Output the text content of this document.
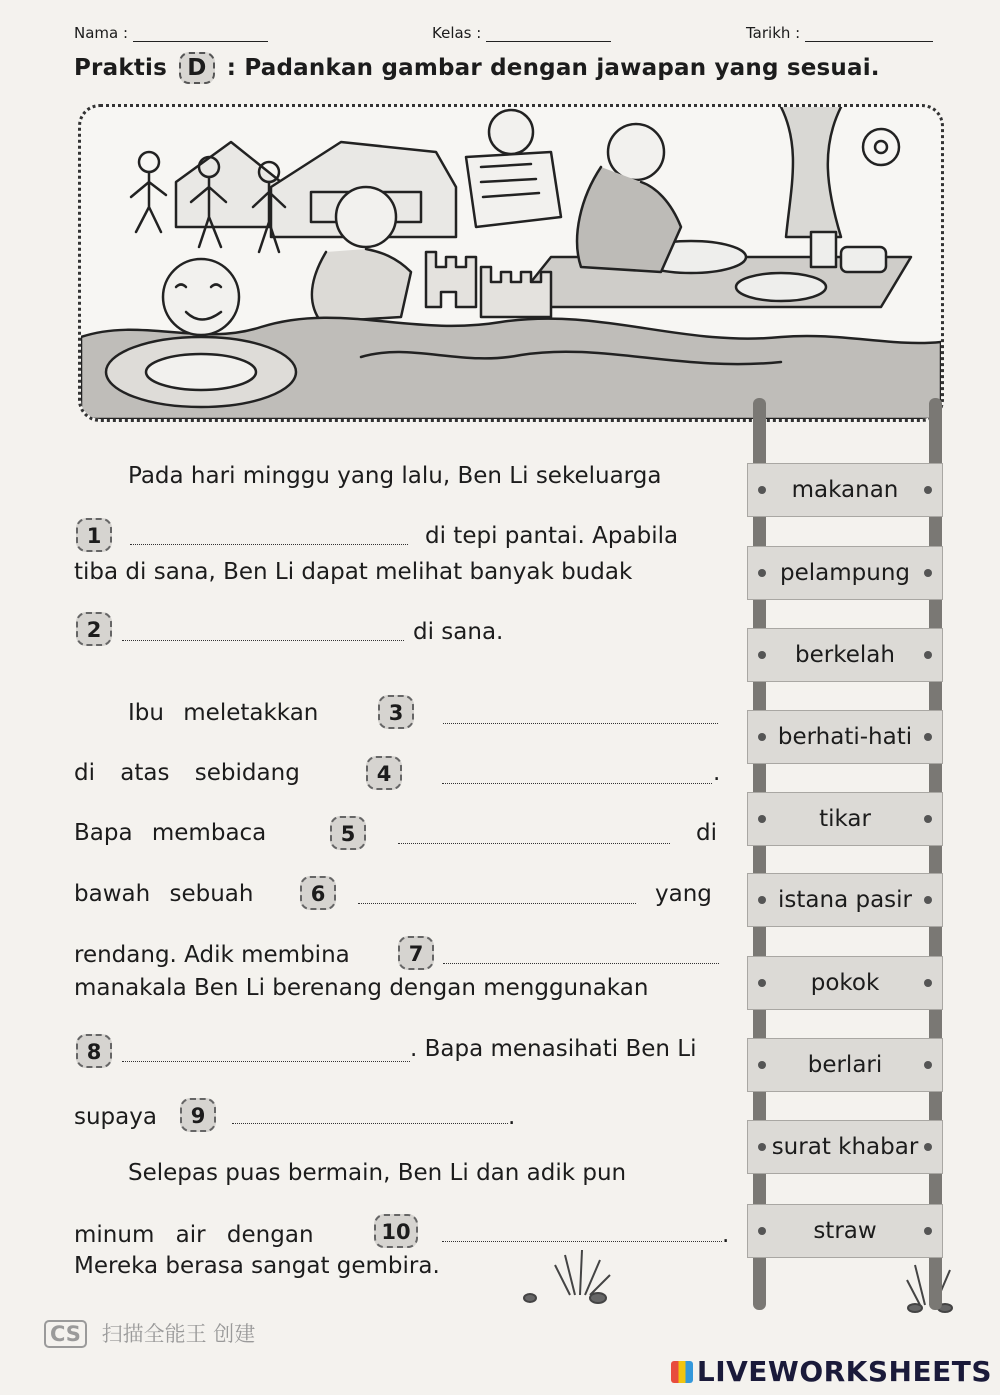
Nama :	Kelas :	Tarikh :
Praktis D : Padankan gambar dengan jawapan yang sesuai.
Pada hari minggu yang lalu, Ben Li sekeluarga
1	di tepi pantai. Apabila
tiba di sana, Ben Li dapat melihat banyak budak
2	di sana.
Ibu meletakkan	3
di atas sebidang	4	.
Bapa membaca	5	di
bawah sebuah	6	yang
rendang. Adik membina	7
manakala Ben Li berenang dengan menggunakan
8	. Bapa menasihati Ben Li
supaya	9	.
Selepas puas bermain, Ben Li dan adik pun
minum air dengan	10	.
Mereka berasa sangat gembira.
makanan
pelampung
berkelah
berhati-hati
tikar
istana pasir
pokok
berlari
surat khabar
straw
CS 扫描全能王 创建
LIVEWORKSHEETS
